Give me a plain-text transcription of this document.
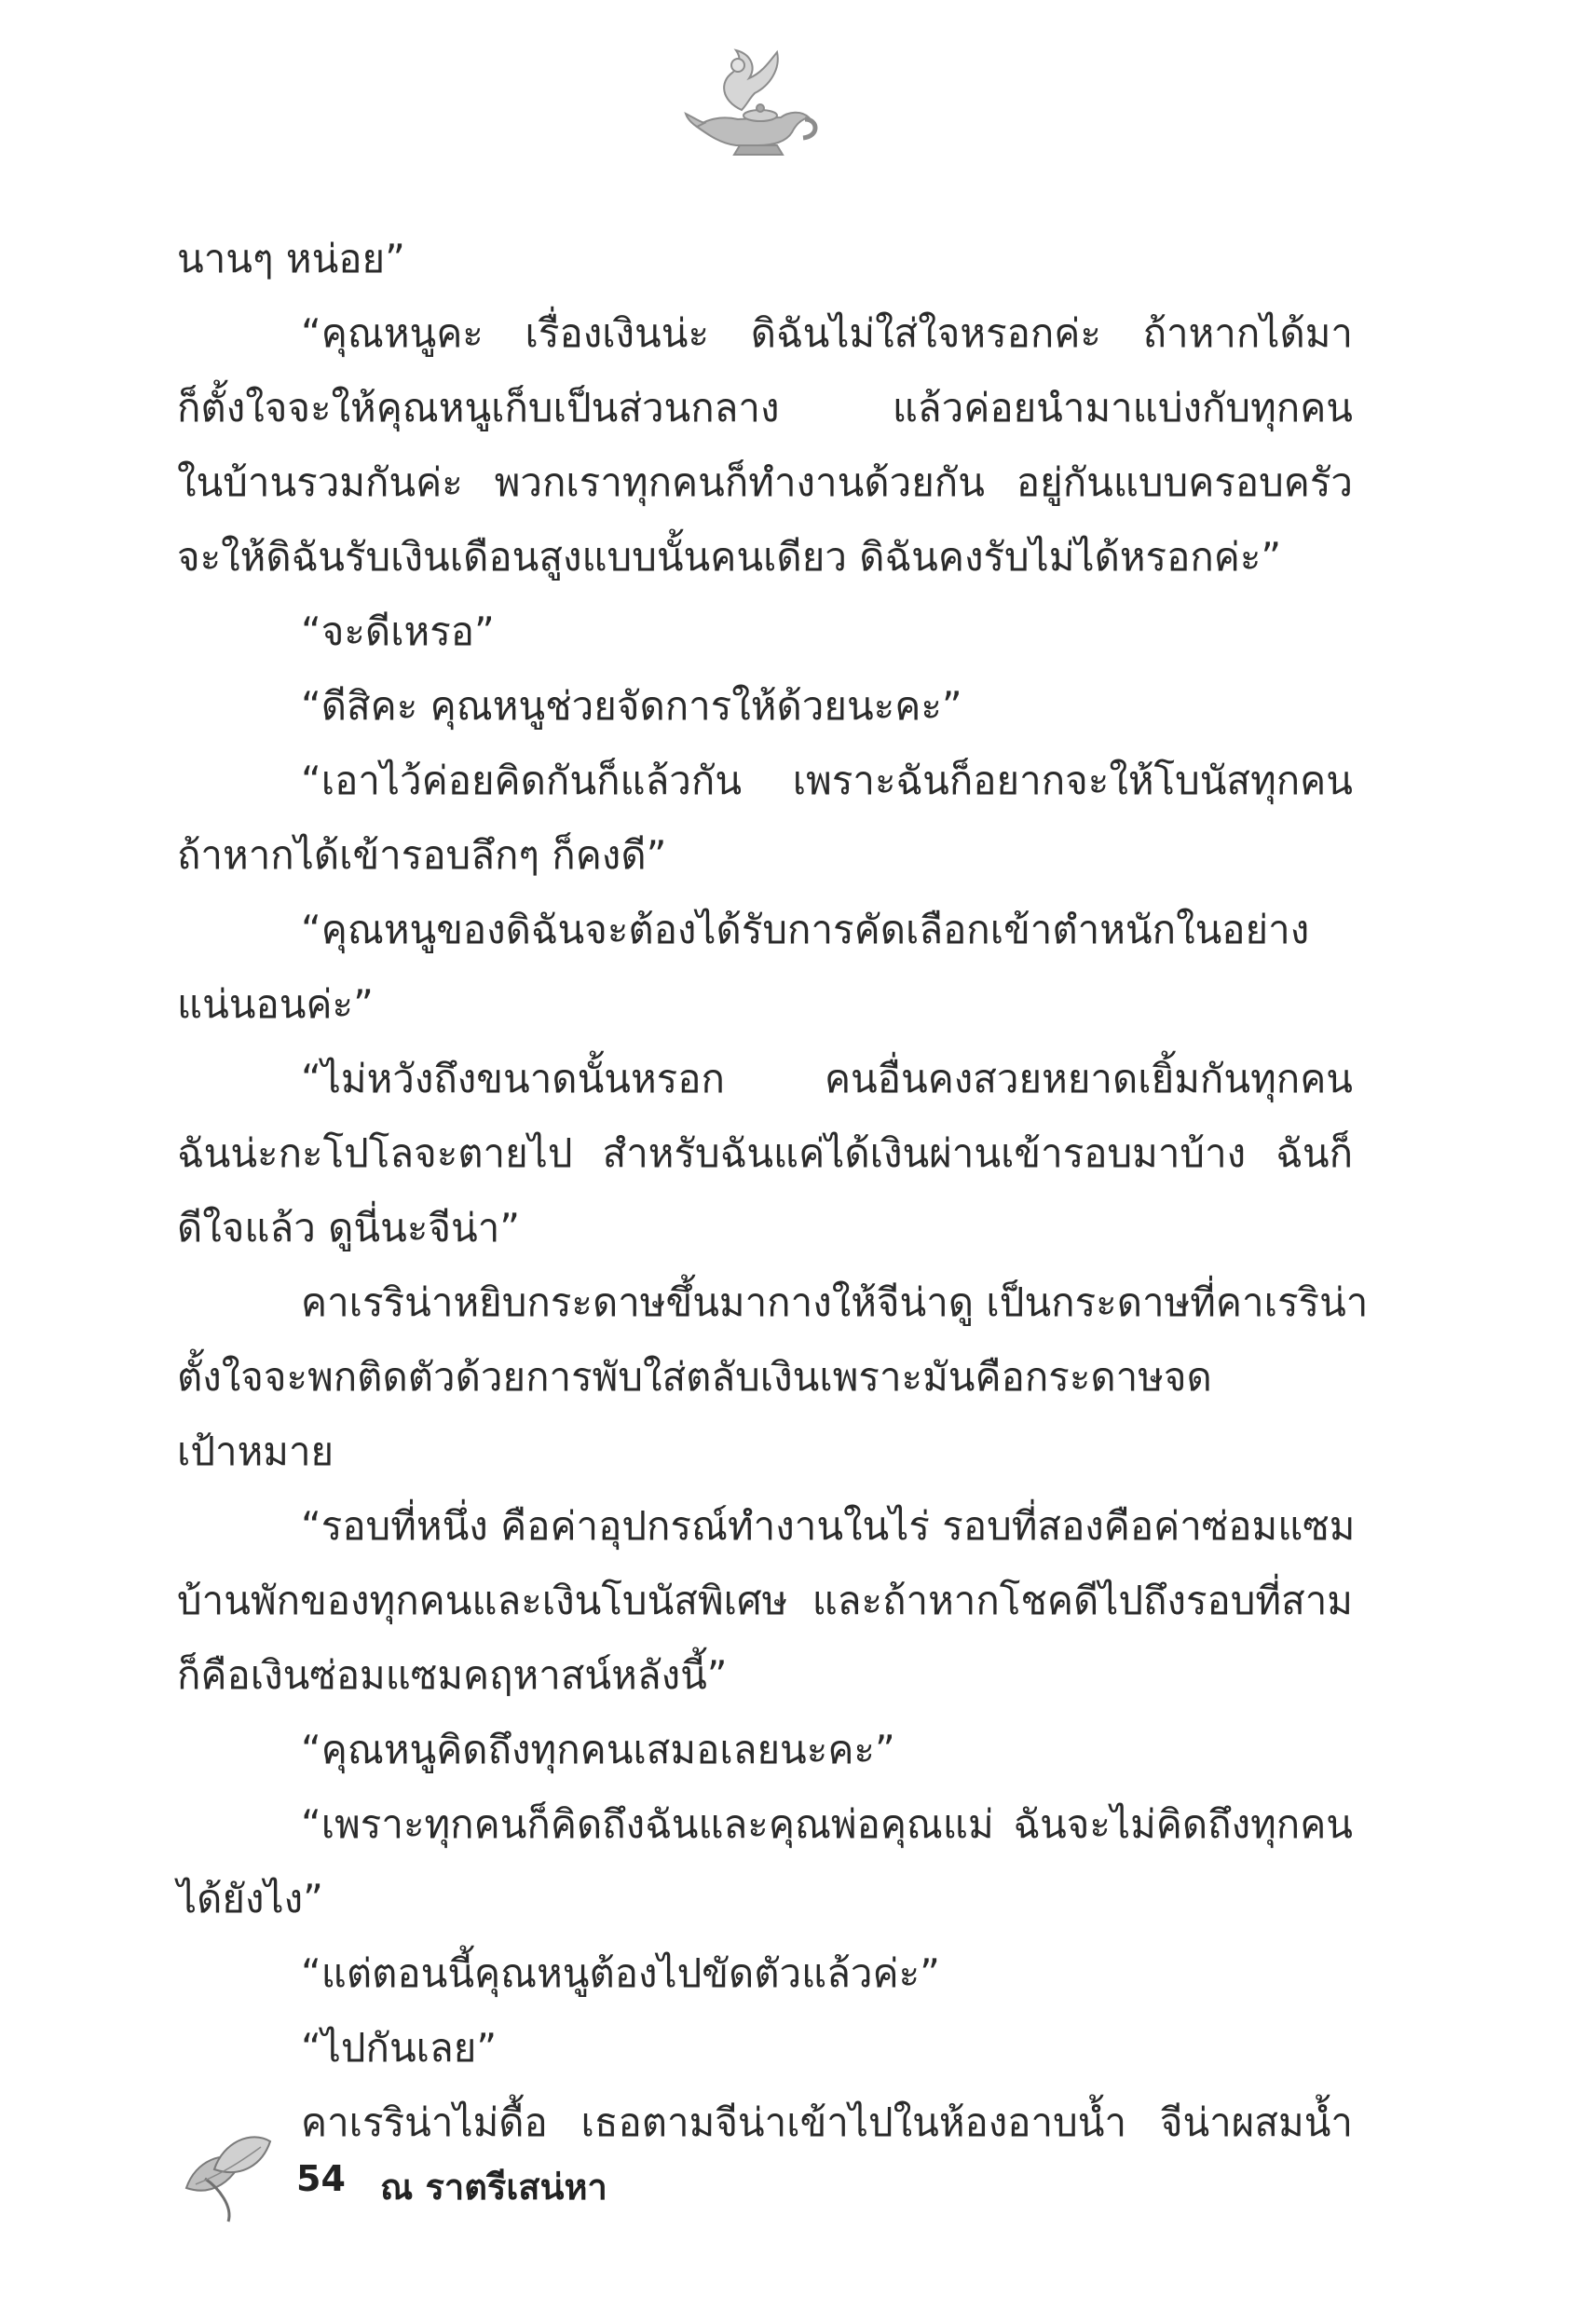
นานๆ หน่อย”
“คุณหนูคะ เรื่องเงินน่ะ ดิฉันไม่ใส่ใจหรอกค่ะ ถ้าหากได้มา
ก็ตั้งใจจะให้คุณหนูเก็บเป็นส่วนกลาง แล้วค่อยนำมาแบ่งกับทุกคน
ในบ้านรวมกันค่ะ พวกเราทุกคนก็ทำงานด้วยกัน อยู่กันแบบครอบครัว
จะให้ดิฉันรับเงินเดือนสูงแบบนั้นคนเดียว ดิฉันคงรับไม่ได้หรอกค่ะ”
“จะดีเหรอ”
“ดีสิคะ คุณหนูช่วยจัดการให้ด้วยนะคะ”
“เอาไว้ค่อยคิดกันก็แล้วกัน เพราะฉันก็อยากจะให้โบนัสทุกคน
ถ้าหากได้เข้ารอบลึกๆ ก็คงดี”
“คุณหนูของดิฉันจะต้องได้รับการคัดเลือกเข้าตำหนักในอย่าง
แน่นอนค่ะ”
“ไม่หวังถึงขนาดนั้นหรอก คนอื่นคงสวยหยาดเยิ้มกันทุกคน
ฉันน่ะกะโปโลจะตายไป สำหรับฉันแค่ได้เงินผ่านเข้ารอบมาบ้าง ฉันก็
ดีใจแล้ว ดูนี่นะจีน่า”
คาเรริน่าหยิบกระดาษขึ้นมากางให้จีน่าดู เป็นกระดาษที่คาเรริน่า
ตั้งใจจะพกติดตัวด้วยการพับใส่ตลับเงินเพราะมันคือกระดาษจด
เป้าหมาย
“รอบที่หนึ่ง คือค่าอุปกรณ์ทำงานในไร่ รอบที่สองคือค่าซ่อมแซม
บ้านพักของทุกคนและเงินโบนัสพิเศษ และถ้าหากโชคดีไปถึงรอบที่สาม
ก็คือเงินซ่อมแซมคฤหาสน์หลังนี้”
“คุณหนูคิดถึงทุกคนเสมอเลยนะคะ”
“เพราะทุกคนก็คิดถึงฉันและคุณพ่อคุณแม่ ฉันจะไม่คิดถึงทุกคน
ได้ยังไง”
“แต่ตอนนี้คุณหนูต้องไปขัดตัวแล้วค่ะ”
“ไปกันเลย”
คาเรริน่าไม่ดื้อ เธอตามจีน่าเข้าไปในห้องอาบน้ำ จีน่าผสมน้ำ
54 ณ ราตรีเสน่หา
